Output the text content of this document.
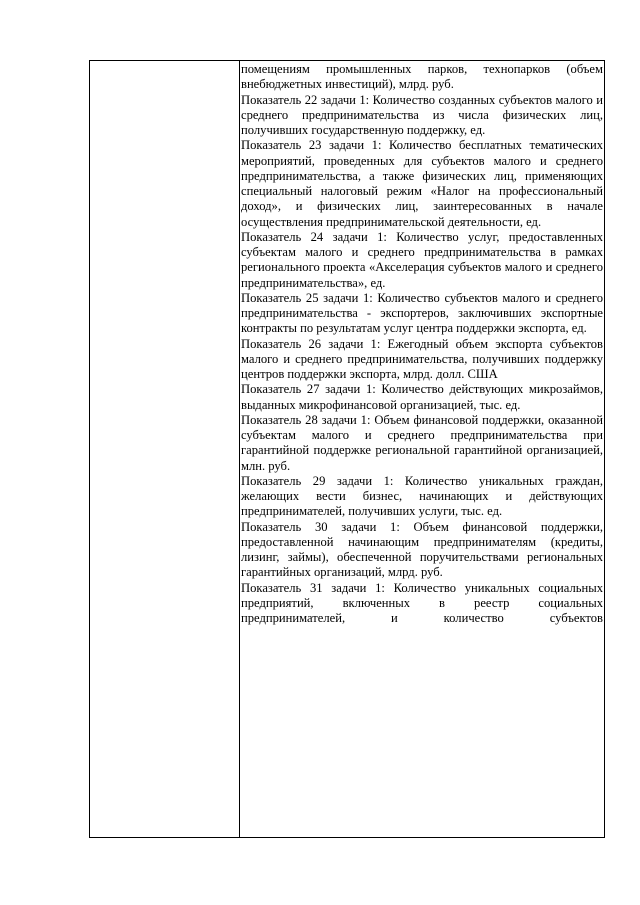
помещениям промышленных парков, технопарков (объем внебюджетных инвестиций), млрд. руб.

Показатель 22 задачи 1: Количество созданных субъектов малого и среднего предпринимательства из числа физических лиц, получивших государственную поддержку, ед.

Показатель 23 задачи 1: Количество бесплатных тематических мероприятий, проведенных для субъектов малого и среднего предпринимательства, а также физических лиц, применяющих специальный налоговый режим «Налог на профессиональный доход», и физических лиц, заинтересованных в начале осуществления предпринимательской деятельности, ед.

Показатель 24 задачи 1: Количество услуг, предоставленных субъектам малого и среднего предпринимательства в рамках регионального проекта «Акселерация субъектов малого и среднего предпринимательства», ед.

Показатель 25 задачи 1: Количество субъектов малого и среднего предпринимательства - экспортеров, заключивших экспортные контракты по результатам услуг центра поддержки экспорта, ед.

Показатель 26 задачи 1: Ежегодный объем экспорта субъектов малого и среднего предпринимательства, получивших поддержку центров поддержки экспорта, млрд. долл. США

Показатель 27 задачи 1: Количество действующих микрозаймов, выданных микрофинансовой организацией, тыс. ед.

Показатель 28 задачи 1: Объем финансовой поддержки, оказанной субъектам малого и среднего предпринимательства при гарантийной поддержке региональной гарантийной организацией, млн. руб.

Показатель 29 задачи 1: Количество уникальных граждан, желающих вести бизнес, начинающих и действующих предпринимателей, получивших услуги, тыс. ед.

Показатель 30 задачи 1: Объем финансовой поддержки, предоставленной начинающим предпринимателям (кредиты, лизинг, займы), обеспеченной поручительствами региональных гарантийных организаций, млрд. руб.

Показатель 31 задачи 1: Количество уникальных социальных предприятий, включенных в реестр социальных предпринимателей, и количество субъектов
